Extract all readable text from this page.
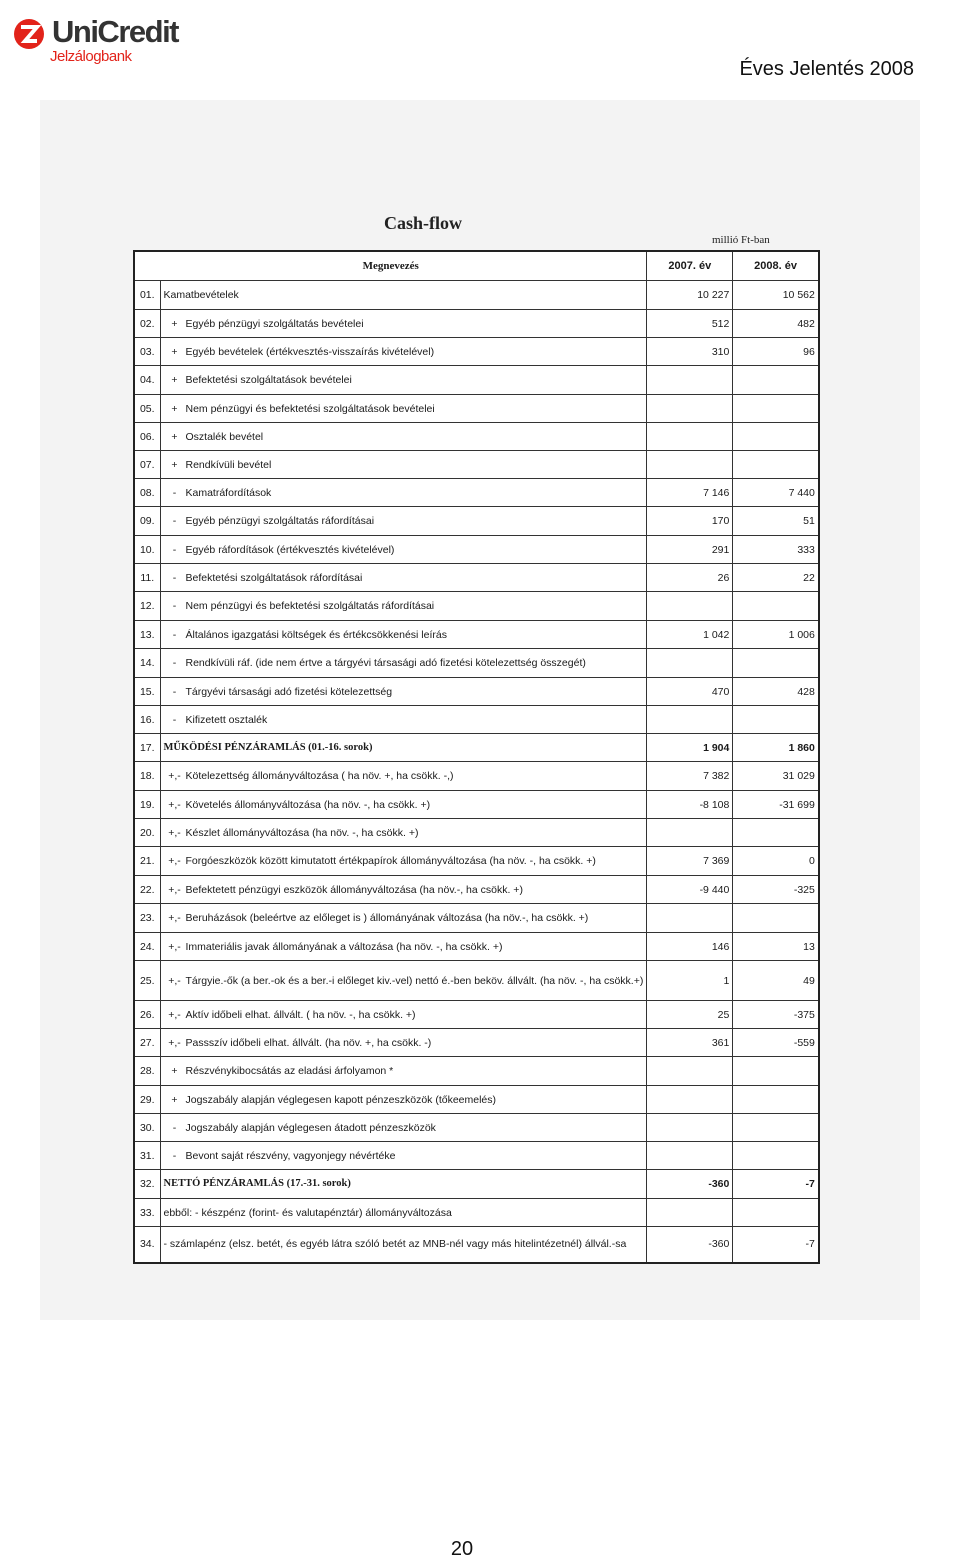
UniCredit
Jelzálogbank
Éves Jelentés 2008
Cash-flow
millió Ft-ban
Megnevezés		2007. év	2008. év
01.	Kamatbevételek	10 227	10 562
02.	+ Egyéb pénzügyi szolgáltatás bevételei	512	482
03.	+ Egyéb bevételek (értékvesztés-visszaírás kivételével)	310	96
04.	+ Befektetési szolgáltatások bevételei		
05.	+ Nem pénzügyi és befektetési szolgáltatások bevételei		
06.	+ Osztalék bevétel		
07.	+ Rendkívüli bevétel		
08.	- Kamatráfordítások	7 146	7 440
09.	- Egyéb pénzügyi szolgáltatás ráfordításai	170	51
10.	- Egyéb ráfordítások (értékvesztés kivételével)	291	333
11.	- Befektetési szolgáltatások ráfordításai	26	22
12.	- Nem pénzügyi és befektetési szolgáltatás ráfordításai		
13.	- Általános igazgatási költségek és értékcsökkenési leírás	1 042	1 006
14.	- Rendkívüli ráf. (ide nem értve a tárgyévi társasági adó fizetési kötelezettség összegét)		
15.	- Tárgyévi társasági adó fizetési kötelezettség	470	428
16.	- Kifizetett osztalék		
17.	MŰKÖDÉSI PÉNZÁRAMLÁS (01.-16. sorok)	1 904	1 860
18.	+,- Kötelezettség állományváltozása ( ha növ. +, ha csökk. -,)	7 382	31 029
19.	+,- Követelés állományváltozása (ha növ. -, ha csökk. +)	-8 108	-31 699
20.	+,- Készlet állományváltozása (ha növ. -, ha csökk. +)		
21.	+,- Forgóeszközök között kimutatott értékpapírok állományváltozása (ha növ. -, ha csökk. +)	7 369	0
22.	+,- Befektetett pénzügyi eszközök állományváltozása (ha növ.-, ha csökk. +)	-9 440	-325
23.	+,- Beruházások (beleértve az előleget is ) állományának változása (ha növ.-, ha csökk. +)		
24.	+,- Immateriális javak állományának a változása (ha növ. -, ha csökk. +)	146	13
25.	+,- Tárgyie.-ők (a ber.-ok és a ber.-i előleget kiv.-vel) nettó é.-ben beköv. állvált. (ha növ. -, ha csökk.+)	1	49
26.	+,- Aktív időbeli elhat. állvált. ( ha növ. -, ha csökk. +)	25	-375
27.	+,- Passszív időbeli elhat. állvált. (ha növ. +, ha csökk. -)	361	-559
28.	+ Részvénykibocsátás az eladási árfolyamon *		
29.	+ Jogszabály alapján véglegesen kapott pénzeszközök (tőkeemelés)		
30.	- Jogszabály alapján véglegesen átadott pénzeszközök		
31.	- Bevont saját részvény, vagyonjegy névértéke		
32.	NETTÓ PÉNZÁRAMLÁS (17.-31. sorok)	-360	-7
33.	ebből: - készpénz (forint- és valutapénztár) állományváltozása		
34.	- számlapénz (elsz. betét, és egyéb látra szóló betét az MNB-nél vagy más hitelintézetnél) állvál.-sa	-360	-7
20
